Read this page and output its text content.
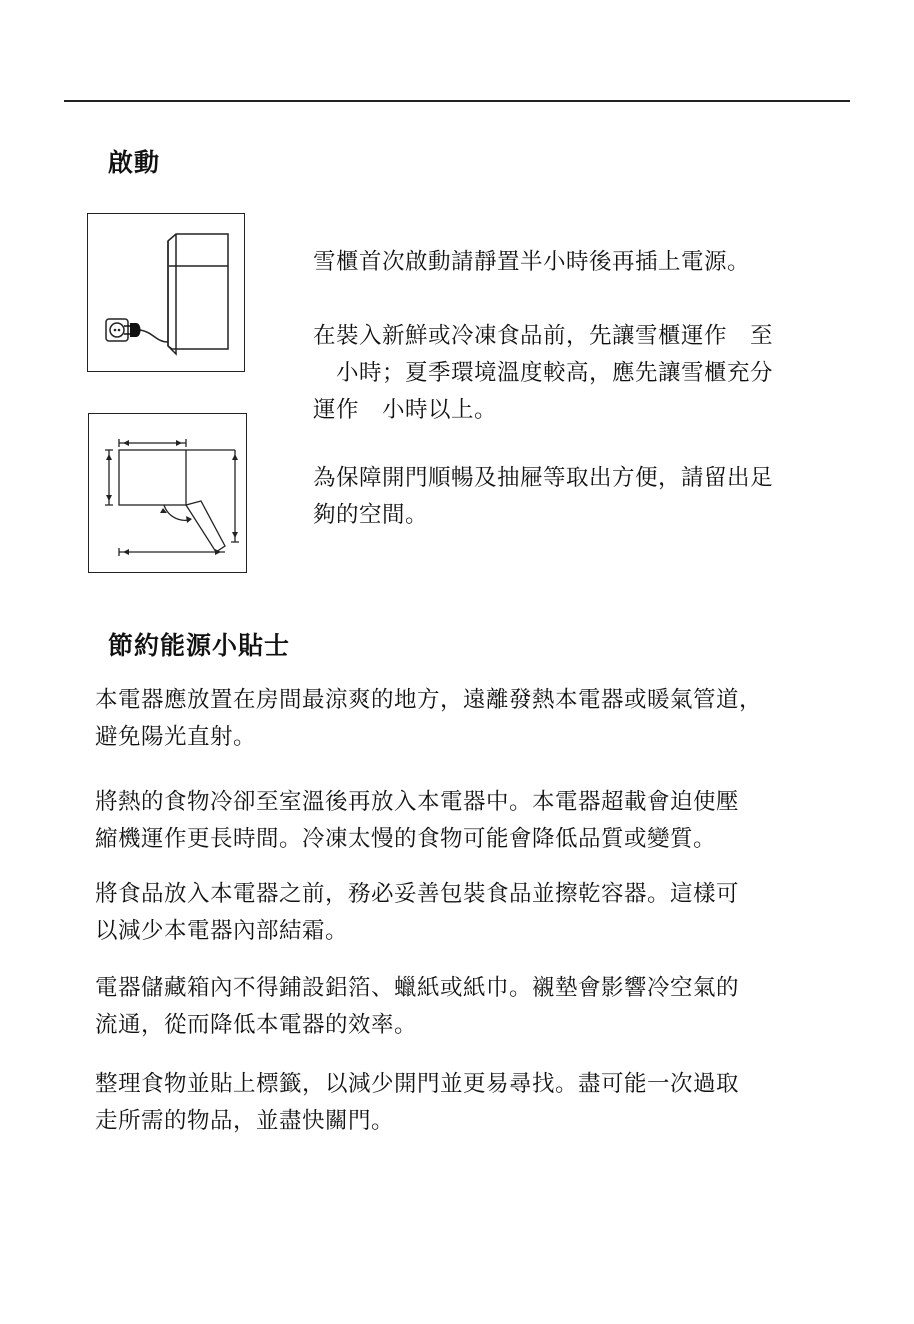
啟動
雪櫃首次啟動請靜置半小時後再插上電源。
在裝入新鮮或冷凍食品前，先讓雪櫃運作　至
　小時；夏季環境溫度較高，應先讓雪櫃充分
運作　小時以上。
為保障開門順暢及抽屜等取出方便，請留出足
夠的空間。
節約能源小貼士
本電器應放置在房間最涼爽的地方，遠離發熱本電器或暖氣管道，
避免陽光直射。
將熱的食物冷卻至室溫後再放入本電器中。本電器超載會迫使壓
縮機運作更長時間。冷凍太慢的食物可能會降低品質或變質。
將食品放入本電器之前，務必妥善包裝食品並擦乾容器。這樣可
以減少本電器內部結霜。
電器儲藏箱內不得鋪設鋁箔、蠟紙或紙巾。襯墊會影響冷空氣的
流通，從而降低本電器的效率。
整理食物並貼上標籤，以減少開門並更易尋找。盡可能一次過取
走所需的物品，並盡快關門。
